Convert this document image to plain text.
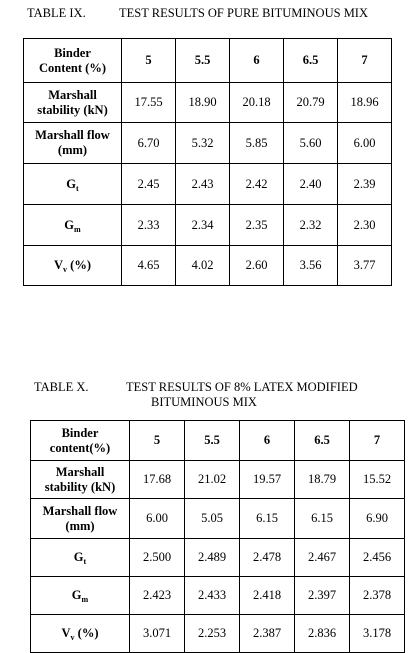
TABLE IX.	TEST RESULTS OF PURE BITUMINOUS MIX
Binder
Content (%)	5	5.5	6	6.5	7
Marshall
stability (kN)	17.55	18.90	20.18	20.79	18.96
Marshall flow
(mm)	6.70	5.32	5.85	5.60	6.00
$G_t$	2.45	2.43	2.42	2.40	2.39
$G_m$	2.33	2.34	2.35	2.32	2.30
$V_v$ (%)	4.65	4.02	2.60	3.56	3.77
TABLE X.	TEST RESULTS OF 8% LATEX MODIFIED
BITUMINOUS MIX
Binder
content(%)	5	5.5	6	6.5	7
Marshall
stability (kN)	17.68	21.02	19.57	18.79	15.52
Marshall flow
(mm)	6.00	5.05	6.15	6.15	6.90
$G_t$	2.500	2.489	2.478	2.467	2.456
$G_m$	2.423	2.433	2.418	2.397	2.378
$V_v$ (%)	3.071	2.253	2.387	2.836	3.178
